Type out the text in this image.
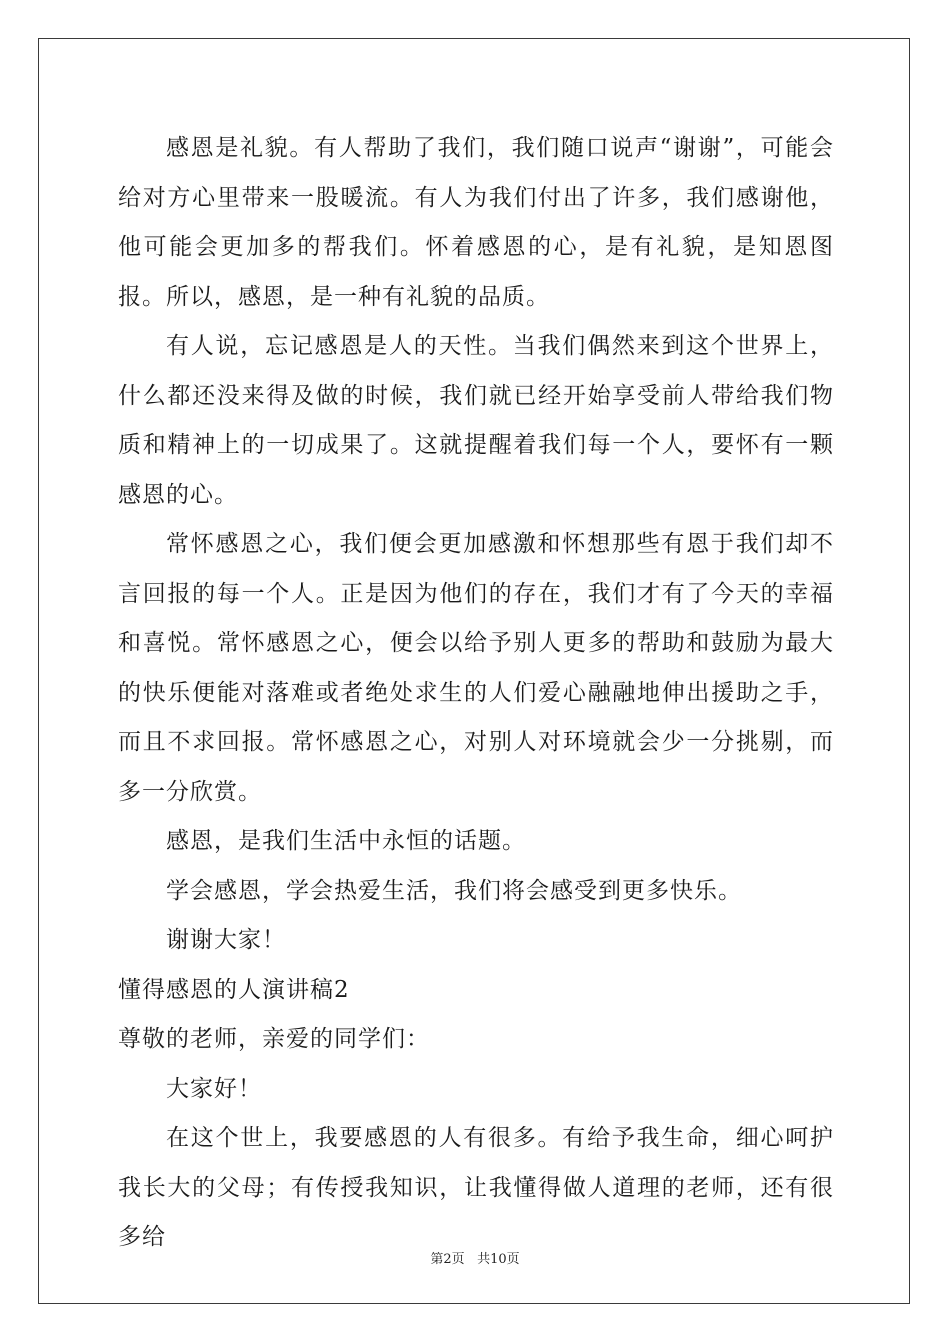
感恩是礼貌。有人帮助了我们，我们随口说声“谢谢”，可能会给对方心里带来一股暖流。有人为我们付出了许多，我们感谢他，他可能会更加多的帮我们。怀着感恩的心，是有礼貌，是知恩图报。所以，感恩，是一种有礼貌的品质。

有人说，忘记感恩是人的天性。当我们偶然来到这个世界上，什么都还没来得及做的时候，我们就已经开始享受前人带给我们物质和精神上的一切成果了。这就提醒着我们每一个人，要怀有一颗感恩的心。

常怀感恩之心，我们便会更加感激和怀想那些有恩于我们却不言回报的每一个人。正是因为他们的存在，我们才有了今天的幸福和喜悦。常怀感恩之心，便会以给予别人更多的帮助和鼓励为最大的快乐便能对落难或者绝处求生的人们爱心融融地伸出援助之手，而且不求回报。常怀感恩之心，对别人对环境就会少一分挑剔，而多一分欣赏。

感恩，是我们生活中永恒的话题。

学会感恩，学会热爱生活，我们将会感受到更多快乐。

谢谢大家！

懂得感恩的人演讲稿2

尊敬的老师，亲爱的同学们：

大家好！

在这个世上，我要感恩的人有很多。有给予我生命，细心呵护我长大的父母；有传授我知识，让我懂得做人道理的老师，还有很多给

第2页 共10页
